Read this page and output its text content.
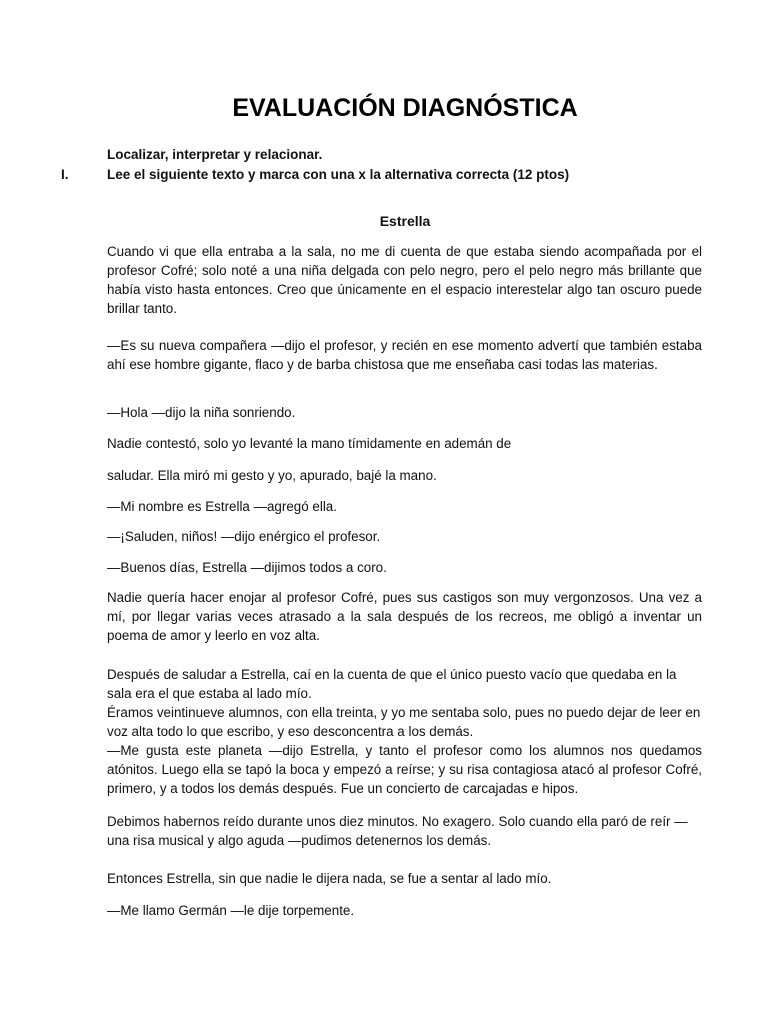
EVALUACIÓN DIAGNÓSTICA
Localizar, interpretar y relacionar.
I.	Lee el siguiente texto y marca con una x la alternativa correcta (12 ptos)
Estrella

Cuando vi que ella entraba a la sala, no me di cuenta de que estaba siendo acompañada por el profesor Cofré; solo noté a una niña delgada con pelo negro, pero el pelo negro más brillante que había visto hasta entonces. Creo que únicamente en el espacio interestelar algo tan oscuro puede brillar tanto.

—Es su nueva compañera —dijo el profesor, y recién en ese momento advertí que también estaba ahí ese hombre gigante, flaco y de barba chistosa que me enseñaba casi todas las materias.

—Hola —dijo la niña sonriendo.

Nadie contestó, solo yo levanté la mano tímidamente en ademán de

saludar. Ella miró mi gesto y yo, apurado, bajé la mano.

—Mi nombre es Estrella —agregó ella.

—¡Saluden, niños! —dijo enérgico el profesor.

—Buenos días, Estrella —dijimos todos a coro.

Nadie quería hacer enojar al profesor Cofré, pues sus castigos son muy vergonzosos. Una vez a mí, por llegar varias veces atrasado a la sala después de los recreos, me obligó a inventar un poema de amor y leerlo en voz alta.

Después de saludar a Estrella, caí en la cuenta de que el único puesto vacío que quedaba en la sala era el que estaba al lado mío.

Éramos veintinueve alumnos, con ella treinta, y yo me sentaba solo, pues no puedo dejar de leer en voz alta todo lo que escribo, y eso desconcentra a los demás.

—Me gusta este planeta —dijo Estrella, y tanto el profesor como los alumnos nos quedamos atónitos. Luego ella se tapó la boca y empezó a reírse; y su risa contagiosa atacó al profesor Cofré, primero, y a todos los demás después. Fue un concierto de carcajadas e hipos.

Debimos habernos reído durante unos diez minutos. No exagero. Solo cuando ella paró de reír — una risa musical y algo aguda —pudimos detenernos los demás.

Entonces Estrella, sin que nadie le dijera nada, se fue a sentar al lado mío.

—Me llamo Germán —le dije torpemente.
